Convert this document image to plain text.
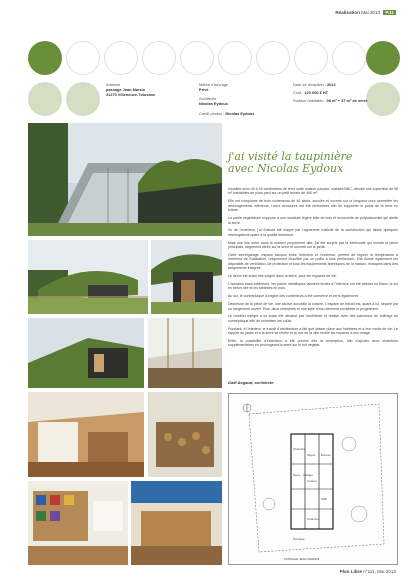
Réalisation Mai 2013 P.11
Adresse
passage Jean Marsin
31270 Villeneuve-Tolosane
Maître d'ouvrage
Privé
Architecte
Nicolas Eydoux
Crédit photos : Nicolas Eydoux
Date de réception : 2012
Coût : 120 000 € HT
Surface habitable : 98 m² + 37 m² de serre
j'ai visité la taupinière
avec Nicolas Eydoux

Installée sous 40 à 45 centimètres de terre cette maison passive, classée BBC, dévoile une superficie de 98 m² habitables de plain-pied sur un petit terrain de 490 m².

Elle est composée de trois conteneurs de 40 pieds, accolés et ouverts sur la longueur pour permettre les aménagements intérieurs. Leurs structures ont été renforcées afin de supporter le poids de la terre en toiture.

La partie végétalisée s'oppose à une ossature légère faite de bois et recouverte de polycarbonate qui abrite la serre.

Vu de l'extérieur, j'ai d'abord été frappé par l'apparente rusticité de la construction qui laisse quelques interrogations quant à la qualité intérieure.

Mais une fois entré dans la maison proprement dite, j'ai été surpris par la luminosité qui inonde la pièce principale, largement vitrée sur la serre et ouverte sur le jardin.

Cette serre/garage, espace tampon entre l'intérieur et l'extérieur, permet de réguler la température à l'intérieur de l'habitation, uniquement chauffée par un poêle à bois performant. Elle donne également les dispositifs de ventilation, de protection et tous les équipements techniques de la maison, masqués dans des rangements intégrés.

Le décor est aussi très soigné dans la serre, pour les espaces de vie.

L'isolation étant extérieure, les parois métalliques laissées brutes à l'intérieur ont été peintes en blanc, le sol en béton ciré et les tablettes en bois.

Au sol, le contreplaqué d'origine des conteneurs a été conservé et verni également.

Désireuse de la pièce de vie, une alcôve accueille la cuisine. L'espace de travail est, quant à lui, séparé par un rangement ouvert. Plus, deux chambres et une salle d'eau viennent compléter le programme.

Le mobilier intégré a lui aussi été dessiné par l'architecte et réalisé avec des panneaux de coffrage en contreplaqué afin de minimiser les coûts.

Pourtant, à l'intérieur, le travail d'architecture a fait que laisser place aux habitants et à leur mode de vie. Le rapport au jardin et à la serre se révèle et la vue de la ville révèle les espaces à leur image.

Enfin, la possibilité d'extension a été prévue dès la conception, afin d'ajouter deux chambres supplémentaires en prolongeant la serre sur le toit végétal.

Gaël Aegaud, architecte
Chambre
Serre - Garage
Séjour
Cuisine
Bureau
SdB
Terrasse
Chambre
PASSAGE JEAN MARSIN
Plan Libre n°111, Mai 2013
